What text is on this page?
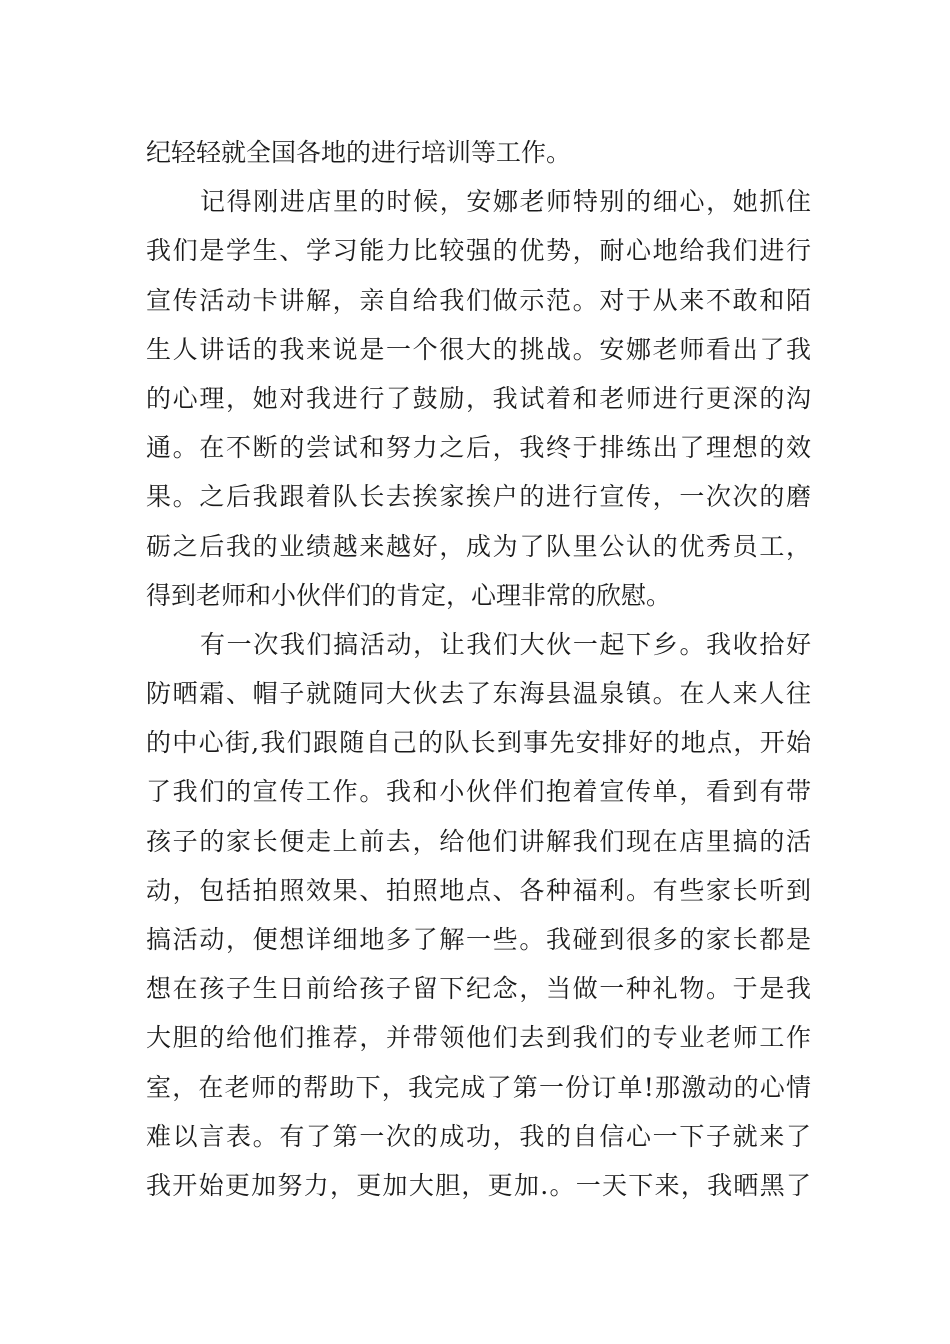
纪轻轻就全国各地的进行培训等工作。
记得刚进店里的时候，安娜老师特别的细心，她抓住
我们是学生、学习能力比较强的优势，耐心地给我们进行
宣传活动卡讲解，亲自给我们做示范。对于从来不敢和陌
生人讲话的我来说是一个很大的挑战。安娜老师看出了我
的心理，她对我进行了鼓励，我试着和老师进行更深的沟
通。在不断的尝试和努力之后，我终于排练出了理想的效
果。之后我跟着队长去挨家挨户的进行宣传，一次次的磨
砺之后我的业绩越来越好，成为了队里公认的优秀员工，
得到老师和小伙伴们的肯定，心理非常的欣慰。
有一次我们搞活动，让我们大伙一起下乡。我收拾好
防晒霜、帽子就随同大伙去了东海县温泉镇。在人来人往
的中心街,我们跟随自己的队长到事先安排好的地点，开始
了我们的宣传工作。我和小伙伴们抱着宣传单，看到有带
孩子的家长便走上前去，给他们讲解我们现在店里搞的活
动，包括拍照效果、拍照地点、各种福利。有些家长听到
搞活动，便想详细地多了解一些。我碰到很多的家长都是
想在孩子生日前给孩子留下纪念，当做一种礼物。于是我
大胆的给他们推荐，并带领他们去到我们的专业老师工作
室，在老师的帮助下，我完成了第一份订单!那激动的心情
难以言表。有了第一次的成功，我的自信心一下子就来了
我开始更加努力，更加大胆，更加.。一天下来，我晒黑了
